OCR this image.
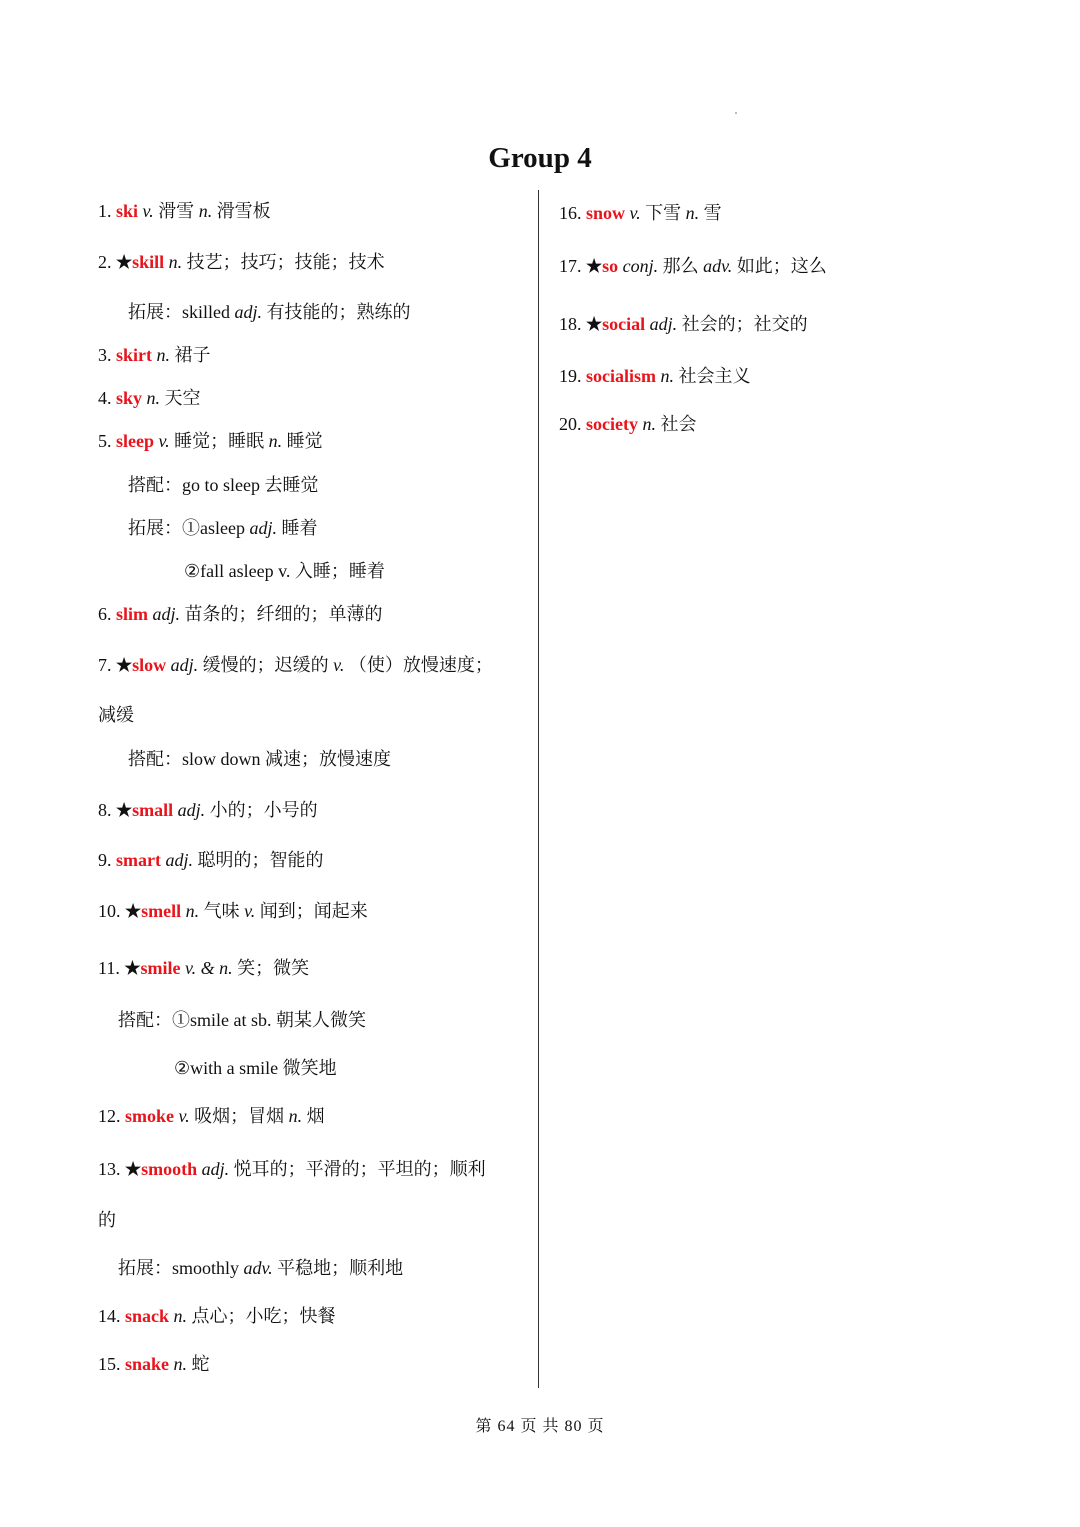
Group 4
1. ski v. 滑雪 n. 滑雪板
2. ★skill n. 技艺；技巧；技能；技术
3. skirt n. 裙子
4. sky n. 天空
5. sleep v. 睡觉；睡眠 n. 睡觉
6. slim adj. 苗条的；纤细的；单薄的
7. ★slow adj. 缓慢的；迟缓的 v. （使）放慢速度；
8. ★small adj. 小的；小号的
9. smart adj. 聪明的；智能的
10. ★smell n. 气味 v. 闻到；闻起来
11. ★smile v. & n. 笑；微笑
12. smoke v. 吸烟；冒烟 n. 烟
13. ★smooth adj. 悦耳的；平滑的；平坦的；顺利
14. snack n. 点心；小吃；快餐
15. snake n. 蛇
16. snow v. 下雪 n. 雪
17. ★so conj. 那么 adv. 如此；这么
18. ★social adj. 社会的；社交的
19. socialism n. 社会主义
20. society n. 社会
拓展：skilled adj. 有技能的；熟练的
搭配：go to sleep 去睡觉
拓展：①asleep adj. 睡着
②fall asleep v. 入睡；睡着
减缓
搭配：slow down 减速；放慢速度
搭配：①smile at sb. 朝某人微笑
②with a smile 微笑地
的
拓展：smoothly adv. 平稳地；顺利地
第 64 页 共 80 页
